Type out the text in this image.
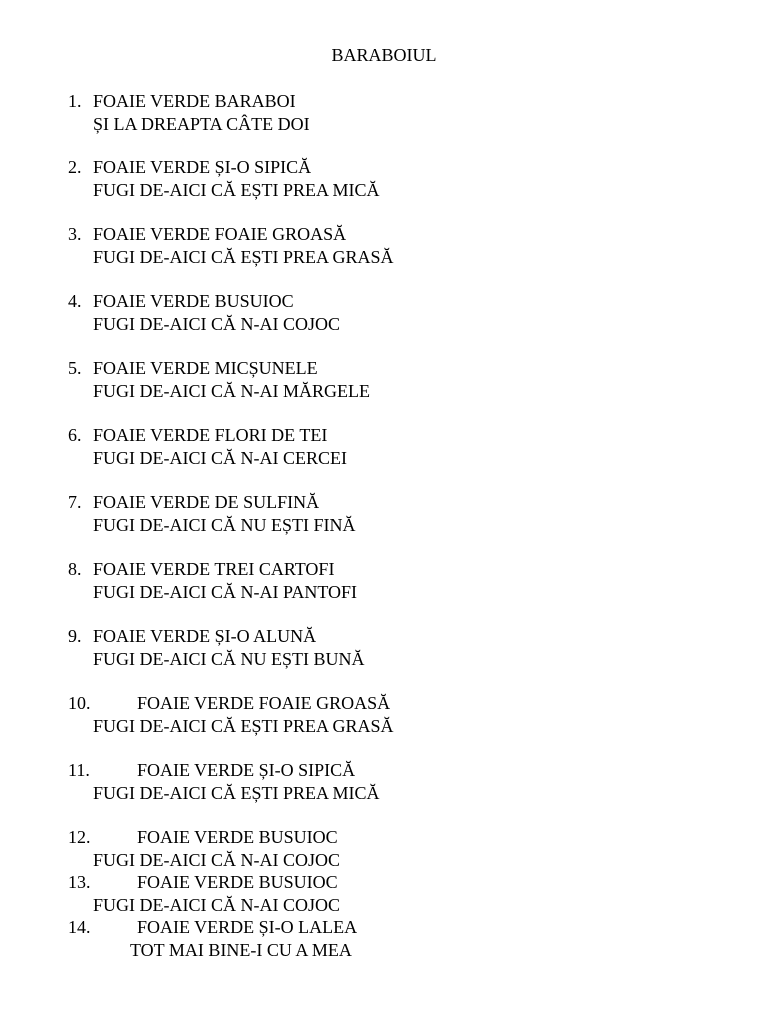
BARABOIUL
1. FOAIE VERDE BARABOI
ȘI LA DREAPTA CÂTE DOI
2. FOAIE VERDE ȘI-O SIPICĂ
FUGI DE-AICI CĂ EȘTI PREA MICĂ
3. FOAIE VERDE FOAIE GROASĂ
FUGI DE-AICI CĂ EȘTI PREA GRASĂ
4. FOAIE VERDE BUSUIOC
FUGI DE-AICI CĂ N-AI COJOC
5. FOAIE VERDE MICȘUNELE
FUGI DE-AICI CĂ N-AI MĂRGELE
6. FOAIE VERDE FLORI DE TEI
FUGI DE-AICI CĂ N-AI CERCEI
7. FOAIE VERDE DE SULFINĂ
FUGI DE-AICI CĂ NU EȘTI FINĂ
8. FOAIE VERDE TREI CARTOFI
FUGI DE-AICI CĂ N-AI PANTOFI
9. FOAIE VERDE ȘI-O ALUNĂ
FUGI DE-AICI CĂ NU EȘTI BUNĂ
10.	FOAIE VERDE FOAIE GROASĂ
FUGI DE-AICI CĂ EȘTI PREA GRASĂ
11.	FOAIE VERDE ȘI-O SIPICĂ
FUGI DE-AICI CĂ EȘTI PREA MICĂ
12.	FOAIE VERDE BUSUIOC
FUGI DE-AICI CĂ N-AI COJOC
13.	FOAIE VERDE BUSUIOC
FUGI DE-AICI CĂ N-AI COJOC
14.	FOAIE VERDE ȘI-O LALEA
TOT MAI BINE-I CU A MEA
